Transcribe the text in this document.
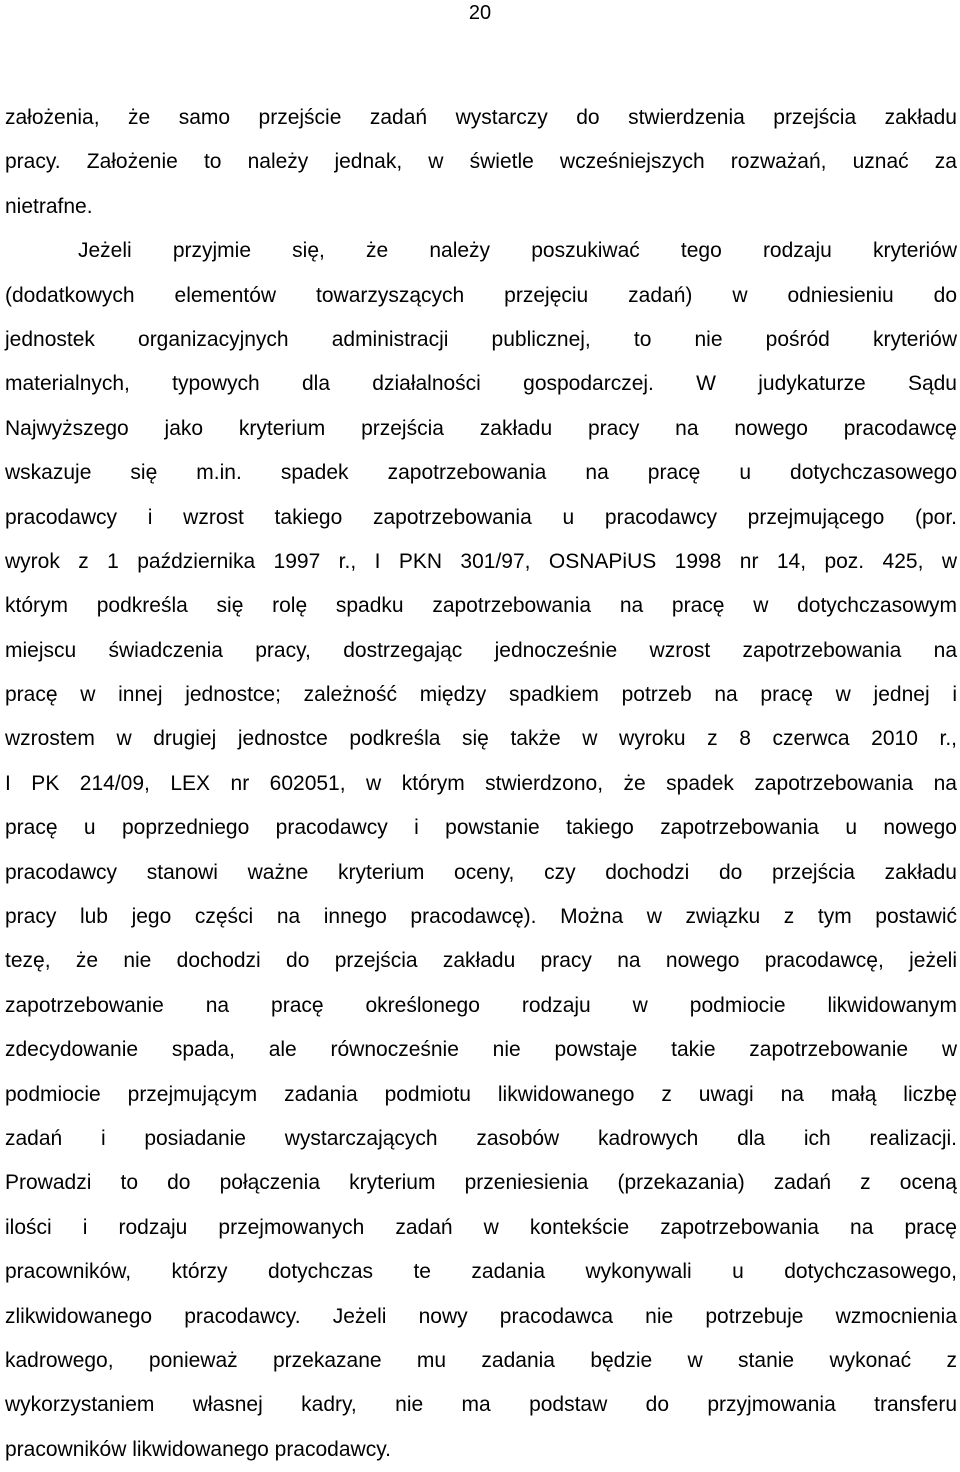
20
założenia, że samo przejście zadań wystarczy do stwierdzenia przejścia zakładu
pracy. Założenie to należy jednak, w świetle wcześniejszych rozważań, uznać za
nietrafne.
Jeżeli przyjmie się, że należy poszukiwać tego rodzaju kryteriów
(dodatkowych elementów towarzyszących przejęciu zadań) w odniesieniu do
jednostek organizacyjnych administracji publicznej, to nie pośród kryteriów
materialnych, typowych dla działalności gospodarczej. W judykaturze Sądu
Najwyższego jako kryterium przejścia zakładu pracy na nowego pracodawcę
wskazuje się m.in. spadek zapotrzebowania na pracę u dotychczasowego
pracodawcy i wzrost takiego zapotrzebowania u pracodawcy przejmującego (por.
wyrok z 1 października 1997 r., I PKN 301/97, OSNAPiUS 1998 nr 14, poz. 425, w
którym podkreśla się rolę spadku zapotrzebowania na pracę w dotychczasowym
miejscu świadczenia pracy, dostrzegając jednocześnie wzrost zapotrzebowania na
pracę w innej jednostce; zależność między spadkiem potrzeb na pracę w jednej i
wzrostem w drugiej jednostce podkreśla się także w wyroku z 8 czerwca 2010 r.,
I PK 214/09, LEX nr 602051, w którym stwierdzono, że spadek zapotrzebowania na
pracę u poprzedniego pracodawcy i powstanie takiego zapotrzebowania u nowego
pracodawcy stanowi ważne kryterium oceny, czy dochodzi do przejścia zakładu
pracy lub jego części na innego pracodawcę). Można w związku z tym postawić
tezę, że nie dochodzi do przejścia zakładu pracy na nowego pracodawcę, jeżeli
zapotrzebowanie na pracę określonego rodzaju w podmiocie likwidowanym
zdecydowanie spada, ale równocześnie nie powstaje takie zapotrzebowanie w
podmiocie przejmującym zadania podmiotu likwidowanego z uwagi na małą liczbę
zadań i posiadanie wystarczających zasobów kadrowych dla ich realizacji.
Prowadzi to do połączenia kryterium przeniesienia (przekazania) zadań z oceną
ilości i rodzaju przejmowanych zadań w kontekście zapotrzebowania na pracę
pracowników, którzy dotychczas te zadania wykonywali u dotychczasowego,
zlikwidowanego pracodawcy. Jeżeli nowy pracodawca nie potrzebuje wzmocnienia
kadrowego, ponieważ przekazane mu zadania będzie w stanie wykonać z
wykorzystaniem własnej kadry, nie ma podstaw do przyjmowania transferu
pracowników likwidowanego pracodawcy.
